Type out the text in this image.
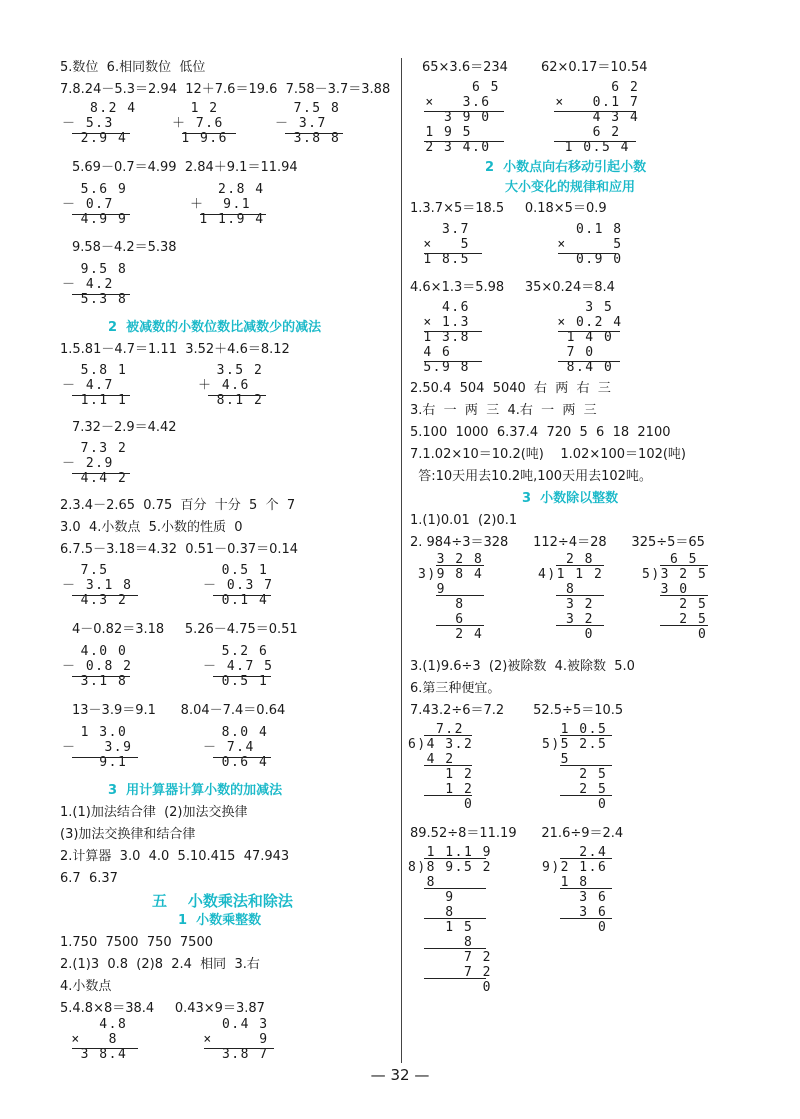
5.数位  6.相同数位  低位
7.8.24－5.3＝2.94  12＋7.6＝19.6  7.58－3.7＝3.88
8.2 4
－ 5.3
2.9 4
1 2
＋ 7.6
1 9.6
7.5 8
－ 3.7
3.8 8
5.69－0.7＝4.99  2.84＋9.1＝11.94
5.6 9
－ 0.7
4.9 9
2.8 4
＋  9.1
1 1.9 4
9.58－4.2＝5.38
9.5 8
－ 4.2
5.3 8
2  被减数的小数位数比减数少的减法
1.5.81－4.7＝1.11  3.52＋4.6＝8.12
5.8 1
－ 4.7
1.1 1
3.5 2
＋ 4.6
8.1 2
7.32－2.9＝4.42
7.3 2
－ 2.9
4.4 2
2.3.4－2.65  0.75  百分  十分  5  个  7
3.0  4.小数点  5.小数的性质  0
6.7.5－3.18＝4.32  0.51－0.37＝0.14
7.5
－ 3.1 8
4.3 2
0.5 1
－ 0.3 7
0.1 4
4－0.82＝3.18     5.26－4.75＝0.51
4.0 0
－ 0.8 2
3.1 8
5.2 6
－ 4.7 5
0.5 1
13－3.9＝9.1      8.04－7.4＝0.64
1 3.0
－   3.9
9.1
8.0 4
－ 7.4
0.6 4
3  用计算器计算小数的加减法
1.(1)加法结合律  (2)加法交换律
(3)加法交换律和结合律
2.计算器  3.0  4.0  5.10.415  47.943
6.7  6.37
五    小数乘法和除法
1  小数乘整数
1.750  7500  750  7500
2.(1)3  0.8  (2)8  2.4  相同  3.右
4.小数点
5.4.8×8＝38.4     0.43×9＝3.87
4.8
×   8
3 8.4
0.4 3
×     9
3.8 7
65×3.6＝234        62×0.17＝10.54
6 5
×   3.6
3 9 0
1 9 5
2 3 4.0
6 2
×   0.1 7
4 3 4
6 2
1 0.5 4
2  小数点向右移动引起小数
大小变化的规律和应用
1.3.7×5＝18.5     0.18×5＝0.9
3.7
×   5
1 8.5
0.1 8
×     5
0.9 0
4.6×1.3＝5.98     35×0.24＝8.4
4.6
× 1.3
1 3.8
4 6
5.9 8
3 5
× 0.2 4
1 4 0
7 0
8.4 0
2.50.4  504  5040  右  两  右  三
3.右  一  两  三  4.右  一  两  三
5.100  1000  6.37.4  720  5  6  18  2100
7.1.02×10＝10.2(吨)    1.02×100＝102(吨)
答:10天用去10.2吨,100天用去102吨。
3  小数除以整数
1.(1)0.01  (2)0.1
2. 984÷3＝328      112÷4＝28      325÷5＝65
3 2 8
3)9 8 4
9
8
6
2 4
2 8
4)1 1 2
8
3 2
3 2
0
6 5
5)3 2 5
3 0
2 5
2 5
0
3.(1)9.6÷3  (2)被除数  4.被除数  5.0
6.第三种便宜。
7.43.2÷6＝7.2       52.5÷5＝10.5
7.2
6)4 3.2
4 2
1 2
1 2
0
1 0.5
5)5 2.5
5
2 5
2 5
0
89.52÷8＝11.19      21.6÷9＝2.4
1 1.1 9
8)8 9.5 2
8
9
8
1 5
8
7 2
7 2
0
2.4
9)2 1.6
1 8
3 6
3 6
0
— 32 —
